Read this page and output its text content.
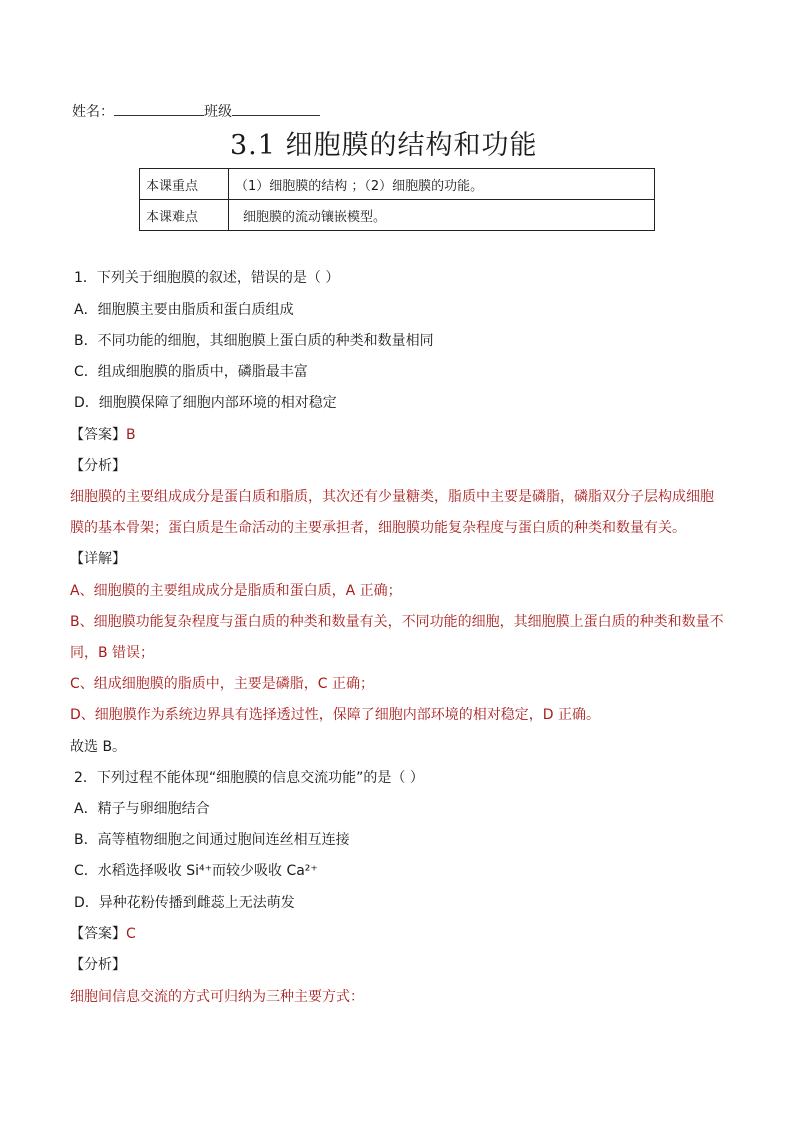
姓名：	班级
3.1 细胞膜的结构和功能
本课重点	（1）细胞膜的结构 ；（2）细胞膜的功能。
本课难点	细胞膜的流动镶嵌模型。
1．下列关于细胞膜的叙述，错误的是（ ）
A．细胞膜主要由脂质和蛋白质组成
B．不同功能的细胞，其细胞膜上蛋白质的种类和数量相同
C．组成细胞膜的脂质中，磷脂最丰富
D．细胞膜保障了细胞内部环境的相对稳定
【答案】B
【分析】
细胞膜的主要组成成分是蛋白质和脂质，其次还有少量糖类，脂质中主要是磷脂，磷脂双分子层构成细胞
膜的基本骨架；蛋白质是生命活动的主要承担者，细胞膜功能复杂程度与蛋白质的种类和数量有关。
【详解】
A、细胞膜的主要组成成分是脂质和蛋白质，A 正确；
B、细胞膜功能复杂程度与蛋白质的种类和数量有关，不同功能的细胞，其细胞膜上蛋白质的种类和数量不
同，B 错误；
C、组成细胞膜的脂质中，主要是磷脂，C 正确；
D、细胞膜作为系统边界具有选择透过性，保障了细胞内部环境的相对稳定，D 正确。
故选 B。
2．下列过程不能体现“细胞膜的信息交流功能”的是（ ）
A．精子与卵细胞结合
B．高等植物细胞之间通过胞间连丝相互连接
C．水稻选择吸收 Si⁴⁺而较少吸收 Ca²⁺
D．异种花粉传播到雌蕊上无法萌发
【答案】C
【分析】
细胞间信息交流的方式可归纳为三种主要方式：
